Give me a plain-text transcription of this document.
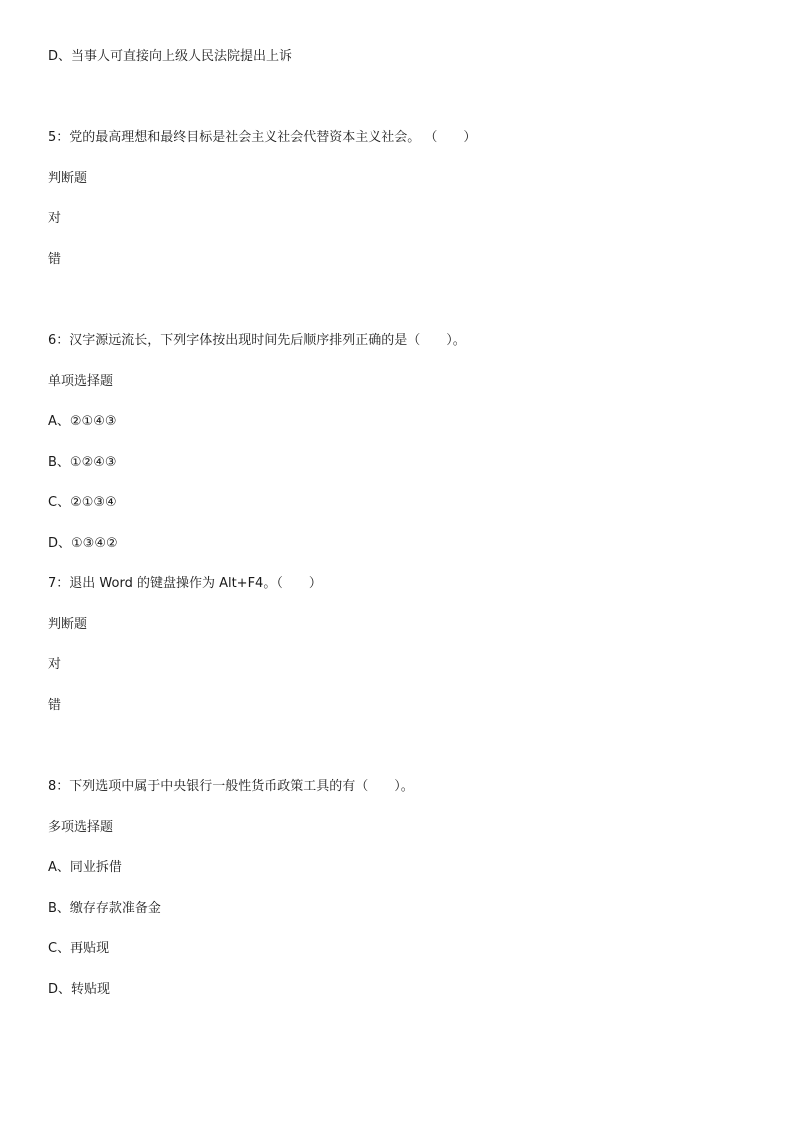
D、当事人可直接向上级人民法院提出上诉
5：党的最高理想和最终目标是社会主义社会代替资本主义社会。 （　　）
判断题
对
错
6：汉字源远流长，下列字体按出现时间先后顺序排列正确的是（　　）。
单项选择题
A、②①④③
B、①②④③
C、②①③④
D、①③④②
7：退出 Word 的键盘操作为 Alt+F4。（　　）
判断题
对
错
8：下列选项中属于中央银行一般性货币政策工具的有（　　）。
多项选择题
A、同业拆借
B、缴存存款准备金
C、再贴现
D、转贴现
